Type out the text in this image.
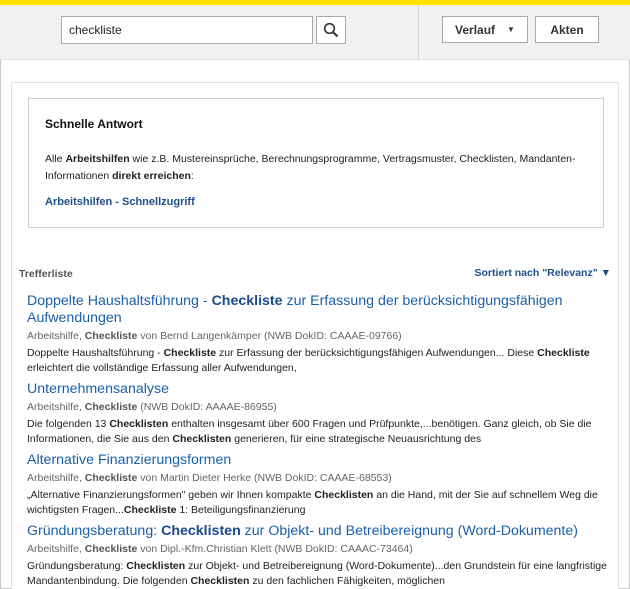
checkliste
Verlauf ▼	Akten
Schnelle Antwort
Alle Arbeitshilfen wie z.B. Mustereinsprüche, Berechnungsprogramme, Vertragsmuster, Checklisten, Mandanten-Informationen direkt erreichen:
Arbeitshilfen - Schnellzugriff
Trefferliste	Sortiert nach "Relevanz" ▼
Doppelte Haushaltsführung - Checkliste zur Erfassung der berücksichtigungsfähigen Aufwendungen
Arbeitshilfe, Checkliste von Bernd Langenkämper (NWB DokID: CAAAE-09766)
Doppelte Haushaltsführung - Checkliste zur Erfassung der berücksichtigungsfähigen Aufwendungen... Diese Checkliste erleichtert die vollständige Erfassung aller Aufwendungen,
Unternehmensanalyse
Arbeitshilfe, Checkliste (NWB DokID: AAAAE-86955)
Die folgenden 13 Checklisten enthalten insgesamt über 600 Fragen und Prüfpunkte,...benötigen. Ganz gleich, ob Sie die Informationen, die Sie aus den Checklisten generieren, für eine strategische Neuausrichtung des
Alternative Finanzierungsformen
Arbeitshilfe, Checkliste von Martin Dieter Herke (NWB DokID: CAAAE-68553)
„Alternative Finanzierungsformen" geben wir Ihnen kompakte Checklisten an die Hand, mit der Sie auf schnellem Weg die wichtigsten Fragen...Checkliste 1: Beteiligungsfinanzierung
Gründungsberatung: Checklisten zur Objekt- und Betreibereignung (Word-Dokumente)
Arbeitshilfe, Checkliste von Dipl.-Kfm.Christian Klett (NWB DokID: CAAAC-73464)
Gründungsberatung: Checklisten zur Objekt- und Betreibereignung (Word-Dokumente)...den Grundstein für eine langfristige Mandantenbindung. Die folgenden Checklisten zu den fachlichen Fähigkeiten, möglichen
